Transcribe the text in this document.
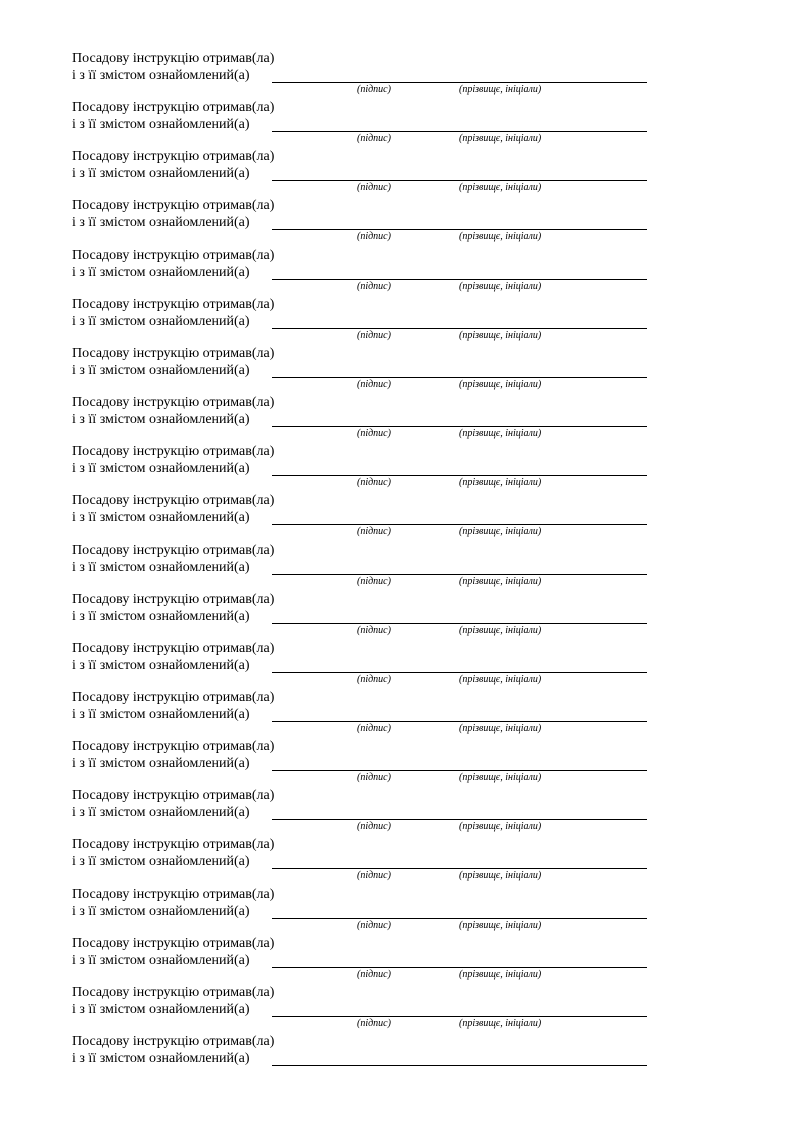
Посадову інструкцію отримав(ла)
і з її змістом ознайомлений(а)
(підпис)	(прізвищє, ініціали)
Посадову інструкцію отримав(ла)
і з її змістом ознайомлений(а)
(підпис)	(прізвищє, ініціали)
Посадову інструкцію отримав(ла)
і з її змістом ознайомлений(а)
(підпис)	(прізвищє, ініціали)
Посадову інструкцію отримав(ла)
і з її змістом ознайомлений(а)
(підпис)	(прізвищє, ініціали)
Посадову інструкцію отримав(ла)
і з її змістом ознайомлений(а)
(підпис)	(прізвищє, ініціали)
Посадову інструкцію отримав(ла)
і з її змістом ознайомлений(а)
(підпис)	(прізвищє, ініціали)
Посадову інструкцію отримав(ла)
і з її змістом ознайомлений(а)
(підпис)	(прізвищє, ініціали)
Посадову інструкцію отримав(ла)
і з її змістом ознайомлений(а)
(підпис)	(прізвищє, ініціали)
Посадову інструкцію отримав(ла)
і з її змістом ознайомлений(а)
(підпис)	(прізвищє, ініціали)
Посадову інструкцію отримав(ла)
і з її змістом ознайомлений(а)
(підпис)	(прізвищє, ініціали)
Посадову інструкцію отримав(ла)
і з її змістом ознайомлений(а)
(підпис)	(прізвищє, ініціали)
Посадову інструкцію отримав(ла)
і з її змістом ознайомлений(а)
(підпис)	(прізвищє, ініціали)
Посадову інструкцію отримав(ла)
і з її змістом ознайомлений(а)
(підпис)	(прізвищє, ініціали)
Посадову інструкцію отримав(ла)
і з її змістом ознайомлений(а)
(підпис)	(прізвищє, ініціали)
Посадову інструкцію отримав(ла)
і з її змістом ознайомлений(а)
(підпис)	(прізвищє, ініціали)
Посадову інструкцію отримав(ла)
і з її змістом ознайомлений(а)
(підпис)	(прізвищє, ініціали)
Посадову інструкцію отримав(ла)
і з її змістом ознайомлений(а)
(підпис)	(прізвищє, ініціали)
Посадову інструкцію отримав(ла)
і з її змістом ознайомлений(а)
(підпис)	(прізвищє, ініціали)
Посадову інструкцію отримав(ла)
і з її змістом ознайомлений(а)
(підпис)	(прізвищє, ініціали)
Посадову інструкцію отримав(ла)
і з її змістом ознайомлений(а)
(підпис)	(прізвищє, ініціали)
Посадову інструкцію отримав(ла)
і з її змістом ознайомлений(а)
